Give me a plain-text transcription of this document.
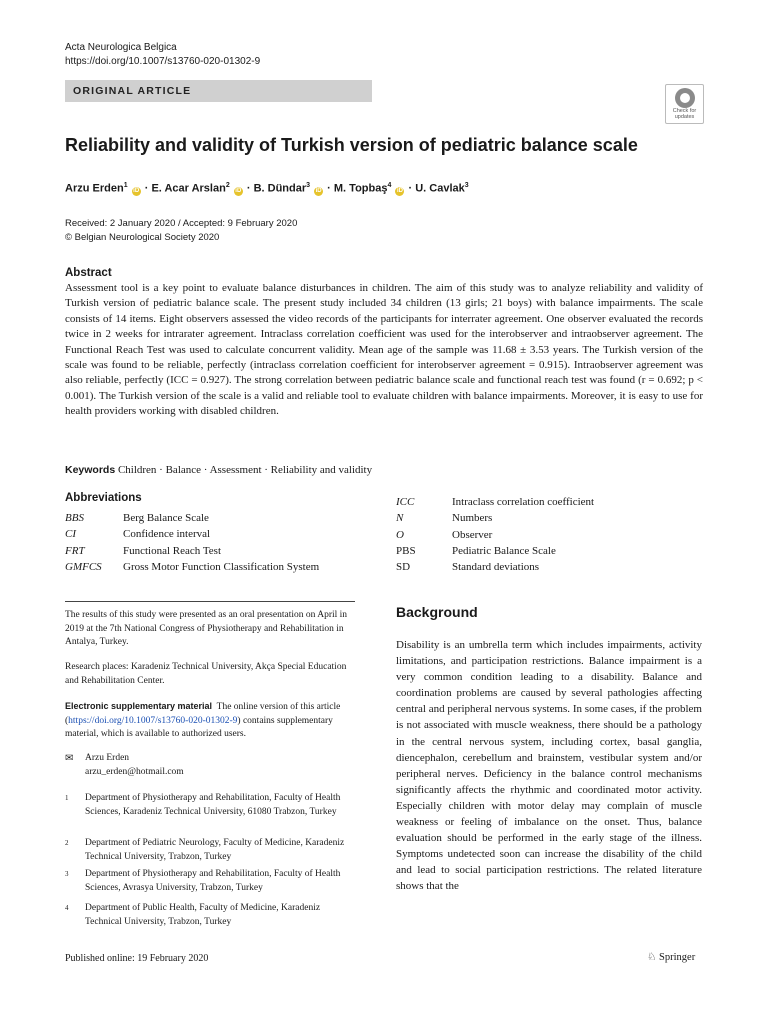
Acta Neurologica Belgica
https://doi.org/10.1007/s13760-020-01302-9
ORIGINAL ARTICLE
Check for
updates
Reliability and validity of Turkish version of pediatric balance scale
Arzu Erden$^1$ iD · E. Acar Arslan$^2$ iD · B. Dündar$^3$ iD · M. Topbaş$^4$ iD · U. Cavlak$^3$
Received: 2 January 2020 / Accepted: 9 February 2020
© Belgian Neurological Society 2020
Abstract
Assessment tool is a key point to evaluate balance disturbances in children. The aim of this study was to analyze reliability and validity of Turkish version of pediatric balance scale. The present study included 34 children (13 girls; 21 boys) with balance impairments. The scale consists of 14 items. Eight observers assessed the video records of the participants for interrater agreement. One observer evaluated the records twice in 2 weeks for intrarater agreement. Intraclass correlation coefficient was used for the interobserver and intraobserver agreement. The Functional Reach Test was used to calculate concurrent validity. Mean age of the sample was 11.68 ± 3.53 years. The Turkish version of the scale was found to be reliable, perfectly (intraclass correlation coefficient for interobserver agreement = 0.915). Intraobserver agreement was also reliable, perfectly (ICC = 0.927). The strong correlation between pediatric balance scale and functional reach test was found (r = 0.692; p < 0.001). The Turkish version of the scale is a valid and reliable tool to evaluate children with balance impairments. Moreover, it is easy to use for health providers working with disabled children.
Keywords Children · Balance · Assessment · Reliability and validity
Abbreviations
BBS	Berg Balance Scale
CI	Confidence interval
FRT	Functional Reach Test
GMFCS	Gross Motor Function Classification System
ICC	Intraclass correlation coefficient
N	Numbers
O	Observer
PBS	Pediatric Balance Scale
SD	Standard deviations
The results of this study were presented as an oral presentation on April in 2019 at the 7th National Congress of Physiotherapy and Rehabilitation in Antalya, Turkey.
Research places: Karadeniz Technical University, Akça Special Education and Rehabilitation Center.
Electronic supplementary material The online version of this article (https://doi.org/10.1007/s13760-020-01302-9) contains supplementary material, which is available to authorized users.
✉	Arzu Erden
arzu_erden@hotmail.com
1	Department of Physiotherapy and Rehabilitation, Faculty of Health Sciences, Karadeniz Technical University, 61080 Trabzon, Turkey
2	Department of Pediatric Neurology, Faculty of Medicine, Karadeniz Technical University, Trabzon, Turkey
3	Department of Physiotherapy and Rehabilitation, Faculty of Health Sciences, Avrasya University, Trabzon, Turkey
4	Department of Public Health, Faculty of Medicine, Karadeniz Technical University, Trabzon, Turkey
Background
Disability is an umbrella term which includes impairments, activity limitations, and participation restrictions. Balance impairment is a very common condition leading to a disability. Balance and coordination problems are caused by several pathologies affecting central and peripheral nervous systems. In some cases, if the problem is not associated with muscle weakness, there should be a pathology in the central nervous system, including cortex, basal ganglia, diencephalon, cerebellum and brainstem, vestibular system and/or peripheral nerves. Deficiency in the balance control mechanisms significantly affects the rhythmic and coordinated motor activity. Especially children with motor delay may complain of muscle weakness or feeling of imbalance on the onset. Thus, balance evaluation should be performed in the early stage of the illness. Symptoms undetected soon can increase the disability of the child and lead to social participation restrictions. The related literature shows that the
Published online: 19 February 2020	♘ Springer
